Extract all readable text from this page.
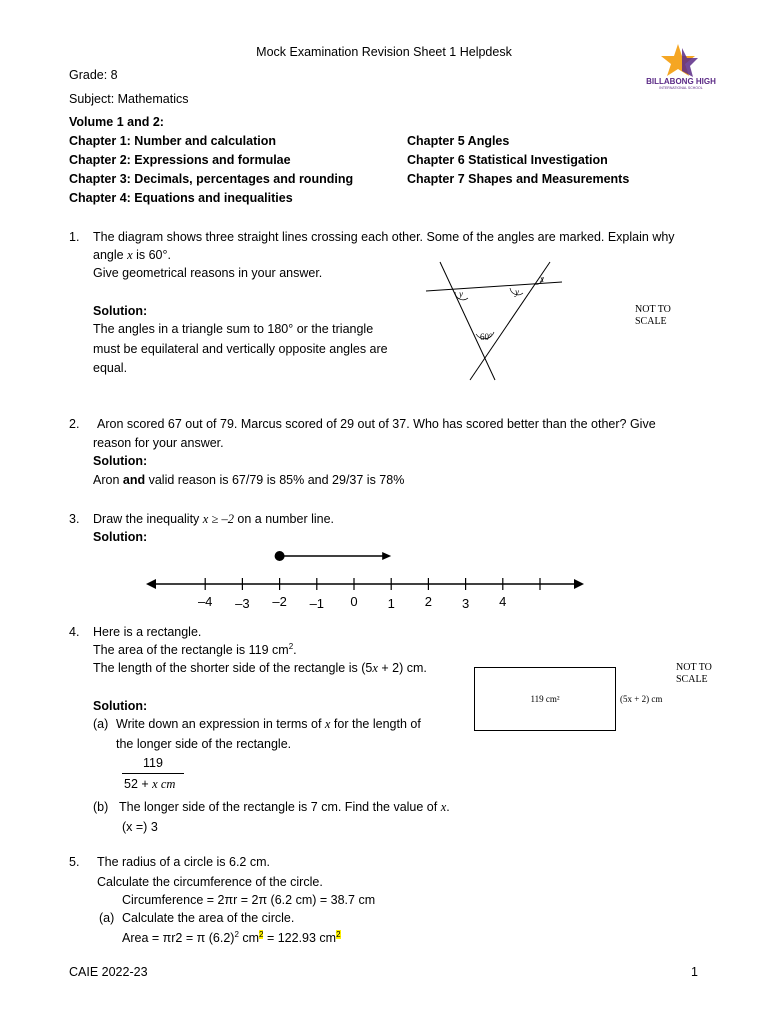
Mock Examination Revision Sheet 1 Helpdesk
BILLABONG HIGH
INTERNATIONAL SCHOOL
Grade: 8
Subject: Mathematics
Volume 1 and 2:
Chapter 1: Number and calculation
Chapter 2: Expressions and formulae
Chapter 3: Decimals, percentages and rounding
Chapter 4: Equations and inequalities
Chapter 5 Angles
Chapter 6 Statistical Investigation
Chapter 7 Shapes and Measurements
1. The diagram shows three straight lines crossing each other. Some of the angles are marked. Explain why
angle x is 60°.
Give geometrical reasons in your answer.
Solution:
The angles in a triangle sum to 180° or the triangle
must be equilateral and vertically opposite angles are
equal.
x
y	y
60°
NOT TO
SCALE
2. Aron scored 67 out of 79. Marcus scored of 29 out of 37. Who has scored better than the other? Give
reason for your answer.
Solution:
Aron and valid reason is 67/79 is 85% and 29/37 is 78%
3. Draw the inequality x ≥ –2 on a number line.
Solution:
–4 –3 –2 –1 0 1 2 3 4
4. Here is a rectangle.
The area of the rectangle is 119 $cm^2$.
The length of the shorter side of the rectangle is (5x + 2) cm.
Solution:
(a) Write down an expression in terms of x for the length of
the longer side of the rectangle.
119
52 + x cm
(b) The longer side of the rectangle is 7 cm. Find the value of x.
(x =) 3
119 cm²	(5x + 2) cm
NOT TO
SCALE
5. The radius of a circle is 6.2 cm.
Calculate the circumference of the circle.
Circumference = 2πr = 2π (6.2 cm) = 38.7 cm
(a) Calculate the area of the circle.
Area = πr2 = π $(6.2)^2$ $cm^2 = 122.93$ $cm^2$
CAIE 2022-23	1
